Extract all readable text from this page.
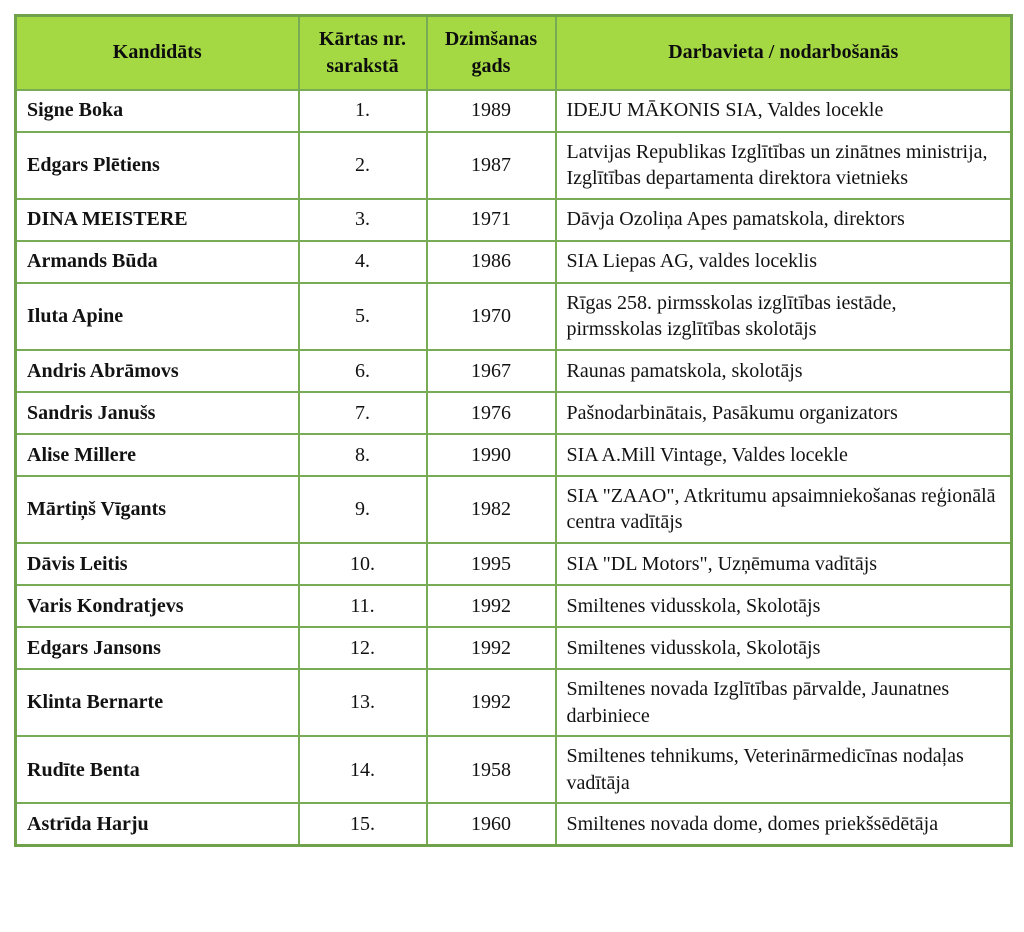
Kandidāts	Kārtas nr. sarakstā	Dzimšanas gads	Darbavieta / nodarbošanās
Signe Boka	1.	1989	IDEJU MĀKONIS SIA, Valdes locekle
Edgars Plētiens	2.	1987	Latvijas Republikas Izglītības un zinātnes ministrija, Izglītības departamenta direktora vietnieks
DINA MEISTERE	3.	1971	Dāvja Ozoliņa Apes pamatskola, direktors
Armands Būda	4.	1986	SIA Liepas AG, valdes loceklis
Iluta Apine	5.	1970	Rīgas 258. pirmsskolas izglītības iestāde, pirmsskolas izglītības skolotājs
Andris Abrāmovs	6.	1967	Raunas pamatskola, skolotājs
Sandris Janušs	7.	1976	Pašnodarbinātais, Pasākumu organizators
Alise Millere	8.	1990	SIA A.Mill Vintage, Valdes locekle
Mārtiņš Vīgants	9.	1982	SIA "ZAAO", Atkritumu apsaimniekošanas reģionālā centra vadītājs
Dāvis Leitis	10.	1995	SIA "DL Motors", Uzņēmuma vadītājs
Varis Kondratjevs	11.	1992	Smiltenes vidusskola, Skolotājs
Edgars Jansons	12.	1992	Smiltenes vidusskola, Skolotājs
Klinta Bernarte	13.	1992	Smiltenes novada Izglītības pārvalde, Jaunatnes darbiniece
Rudīte Benta	14.	1958	Smiltenes tehnikums, Veterinārmedicīnas nodaļas vadītāja
Astrīda Harju	15.	1960	Smiltenes novada dome, domes priekšsēdētāja
